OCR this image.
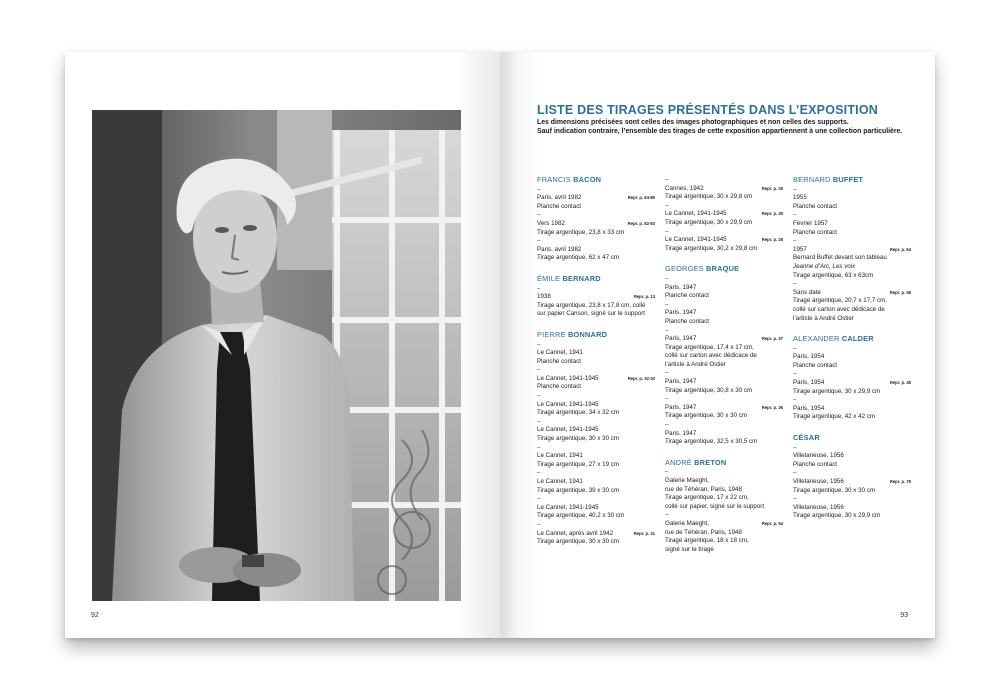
92
LISTE DES TIRAGES PRÉSENTÉS DANS L’EXPOSITION
Les dimensions précisées sont celles des images photographiques et non celles des supports.
Sauf indication contraire, l’ensemble des tirages de cette exposition appartiennent à une collection particulière.
FRANCIS BACON
–
Paris, avril 1982
Planche contact
Repr. p. 84-85
–
Vers 1982
Tirage argentique, 23,8 x 33 cm
Repr. p. 82-83
–
Paris, avril 1982
Tirage argentique, 62 x 47 cm
ÉMILE BERNARD
–
1938
Tirage argentique, 23,8 x 17,8 cm, collé
sur papier Canson, signé sur le support
Repr. p. 13
PIERRE BONNARD
–
Le Cannet, 1941
Planche contact
–
Le Cannet, 1941-1945
Planche contact
Repr. p. 32-33
–
Le Cannet, 1941-1945
Tirage argentique, 34 x 32 cm
–
Le Cannet, 1941-1945
Tirage argentique, 30 x 30 cm
–
Le Cannet, 1941
Tirage argentique, 27 x 19 cm
–
Le Cannet, 1941
Tirage argentique, 39 x 30 cm
–
Le Cannet, 1941-1945
Tirage argentique, 40,2 x 30 cm
–
Le Cannet, après avril 1942
Tirage argentique, 30 x 30 cm
Repr. p. 31
–
Cannes, 1942
Tirage argentique, 30 x 29,8 cm
Repr. p. 29
–
Le Cannet, 1941-1945
Tirage argentique, 30 x 29,9 cm
Repr. p. 30
–
Le Cannet, 1941-1945
Tirage argentique, 30,2 x 29,8 cm
Repr. p. 28
GEORGES BRAQUE
–
Paris, 1947
Planche contact
–
Paris, 1947
Planche contact
–
Paris, 1947
Tirage argentique, 17,4 x 17 cm,
collé sur carton avec dédicace de
l’artiste à André Ostier
Repr. p. 37
–
Paris, 1947
Tirage argentique, 30,8 x 30 cm
–
Paris, 1947
Tirage argentique, 30 x 30 cm
Repr. p. 36
–
Paris, 1947
Tirage argentique, 32,5 x 30,5 cm
ANDRÉ BRETON
–
Galerie Maeght,
rue de Téhéran, Paris, 1948
Tirage argentique, 17 x 22 cm,
collé sur papier, signé sur le support
–
Galerie Maeght,
rue de Téhéran, Paris, 1948
Tirage argentique, 18 x 18 cm,
signé sur le tirage
Repr. p. 54
BERNARD BUFFET
–
1955
Planche contact
–
Février 1957
Planche contact
–
1957
Bernard Buffet devant son tableau
Jeanne d’Arc, Les voix
Tirage argentique, 63 x 63cm
Repr. p. 64
–
Sans date
Tirage argentique, 20,7 x 17,7 cm,
collé sur carton avec dédicace de
l’artiste à André Ostier
Repr. p. 65
ALEXANDER CALDER
–
Paris, 1954
Planche contact
–
Paris, 1954
Tirage argentique, 30 x 29,9 cm
Repr. p. 45
–
Paris, 1954
Tirage argentique, 42 x 42 cm
CÉSAR
–
Villetaneuse, 1956
Planche contact
–
Villetaneuse, 1956
Tirage argentique, 30 x 30 cm
Repr. p. 79
–
Villetaneuse, 1956
Tirage argentique, 30 x 29,9 cm
93
